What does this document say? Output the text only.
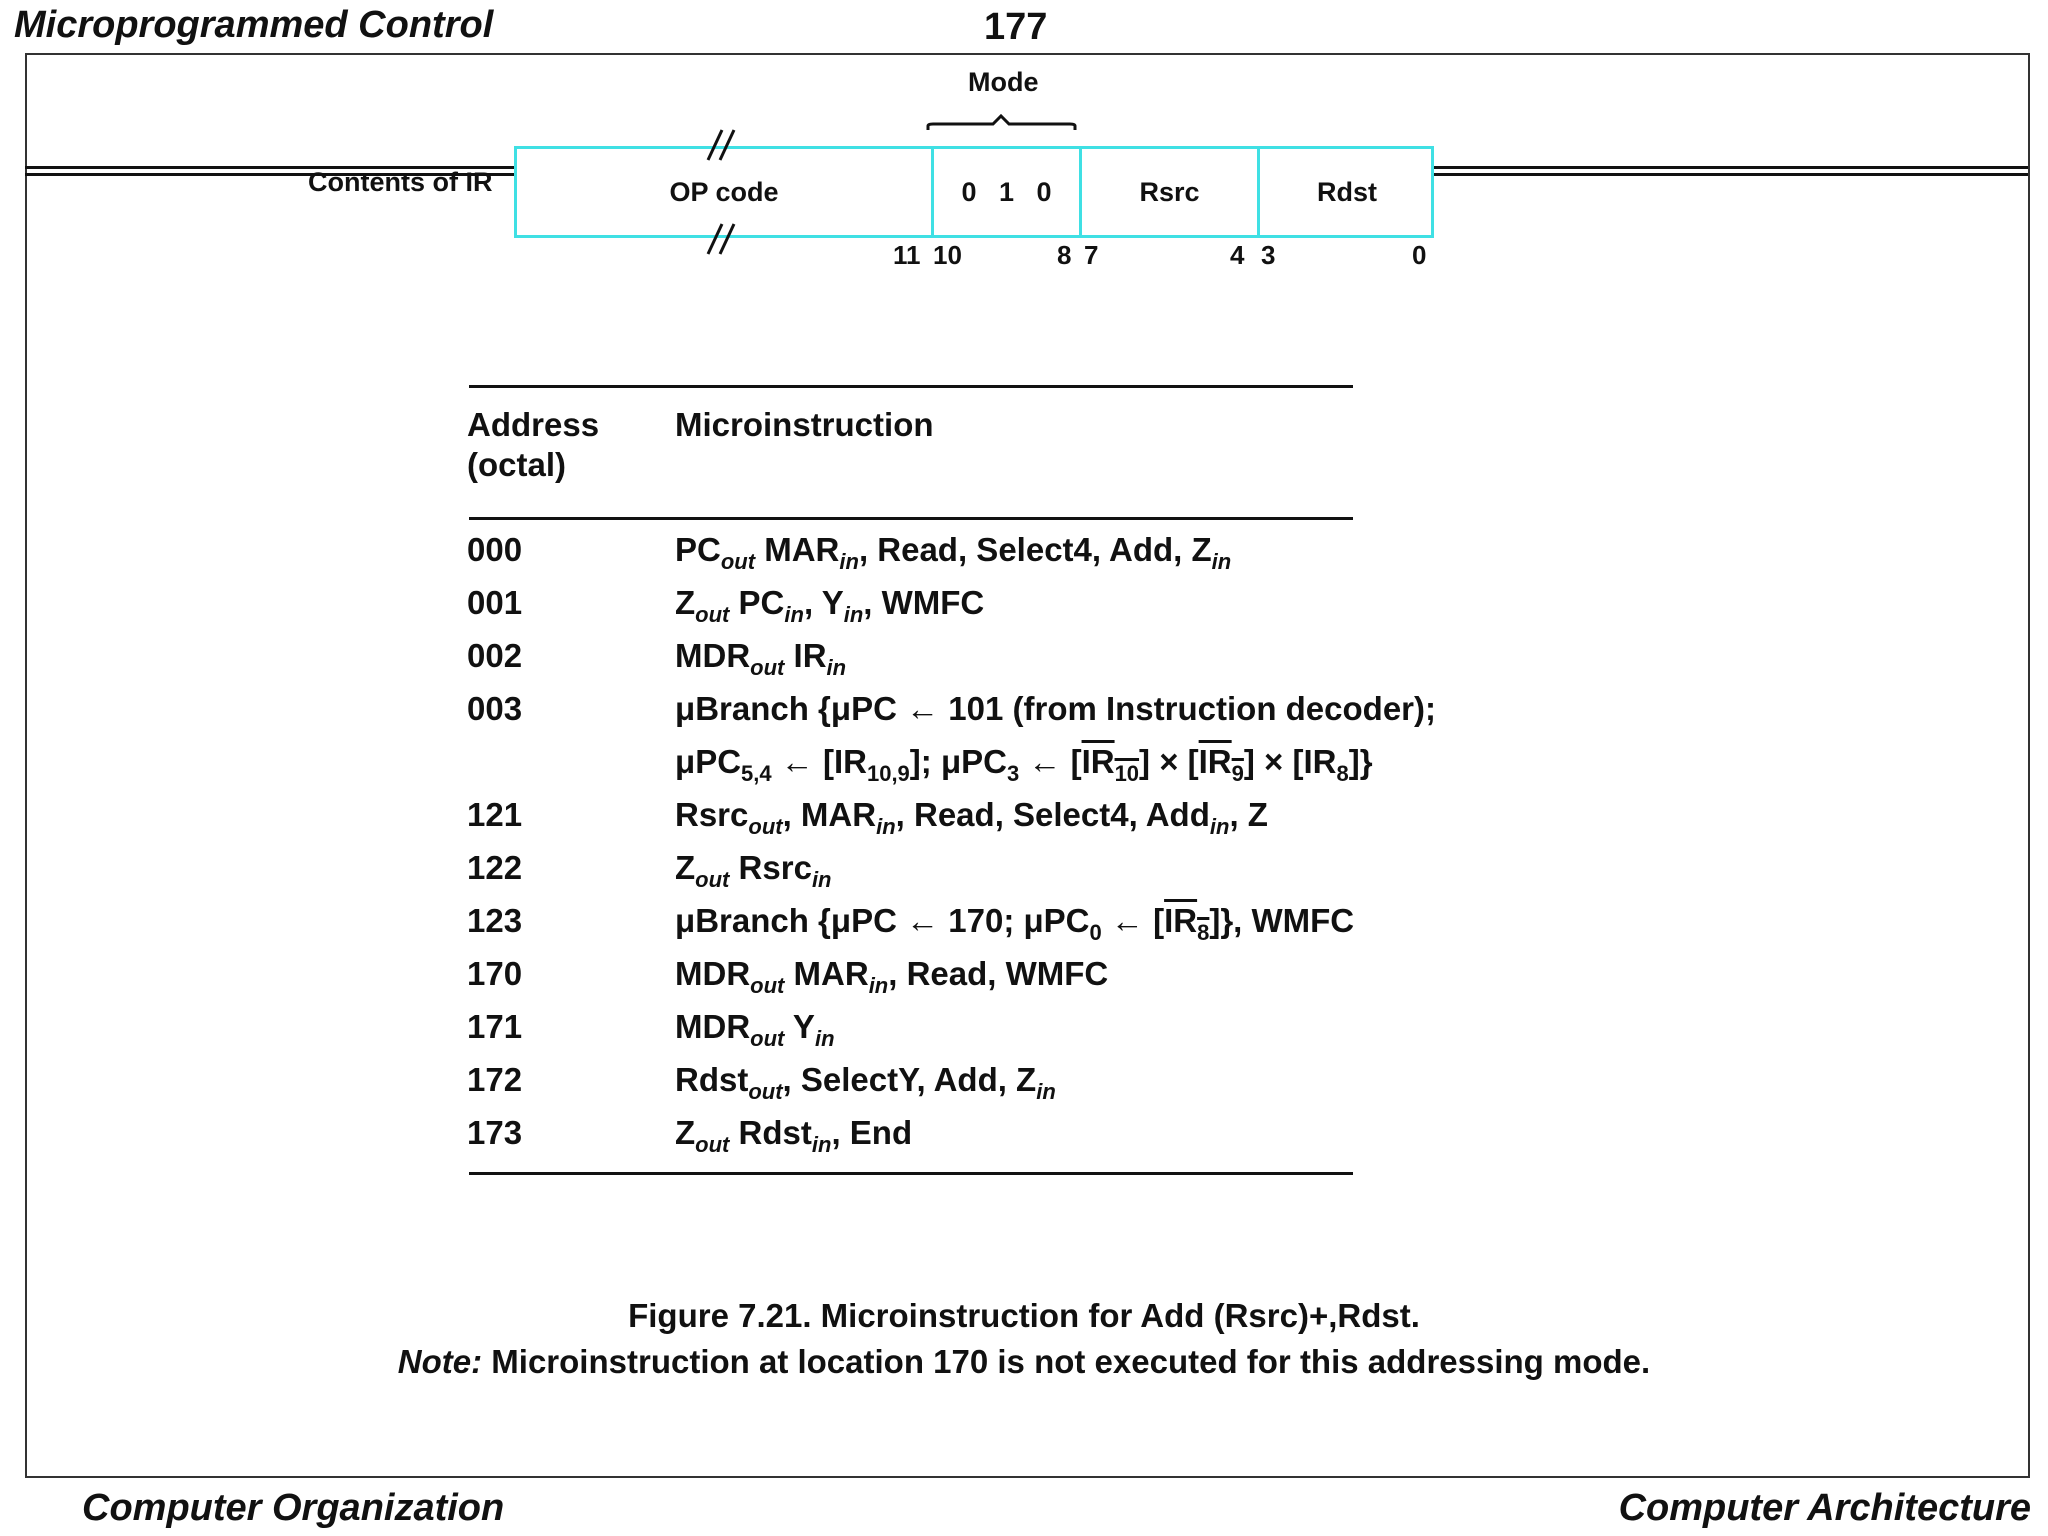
Microprogrammed Control	177
Contents of IR
Mode
OP code	0   1   0	Rsrc	Rdst
11 10	8 7	4 3	0
Address
(octal)
Microinstruction
000	$PC_{out}$ $MAR_{in}$, Read, Select4, Add, $Z_{in}$
001	$Z_{out}$ $PC_{in}$, $Y_{in}$, WMFC
002	$MDR_{out}$ $IR_{in}$
003	μBranch {μPC ← 101 (from Instruction decoder);
μPC$_{5,4}$ ← $[IR_{10,9}]$; μPC$_3$ ← $[IR_{10}] \times [IR_9] \times [IR_8]$}
121	Rsrc$_{out}$, $MAR_{in}$, Read, Select4, Add$_{in}$, Z
122	$Z_{out}$ Rsrc$_{in}$
123	μBranch {μPC ← 170; μPC$_0$ ← $[IR_8]$}, WMFC
170	$MDR_{out}$ $MAR_{in}$, Read, WMFC
171	$MDR_{out}$ $Y_{in}$
172	Rdst$_{out}$, SelectY, Add, $Z_{in}$
173	$Z_{out}$ Rdst$_{in}$, End
Figure 7.21. Microinstruction for Add (Rsrc)+,Rdst.
Note: Microinstruction at location 170 is not executed for this addressing mode.
Computer Organization	Computer Architecture
